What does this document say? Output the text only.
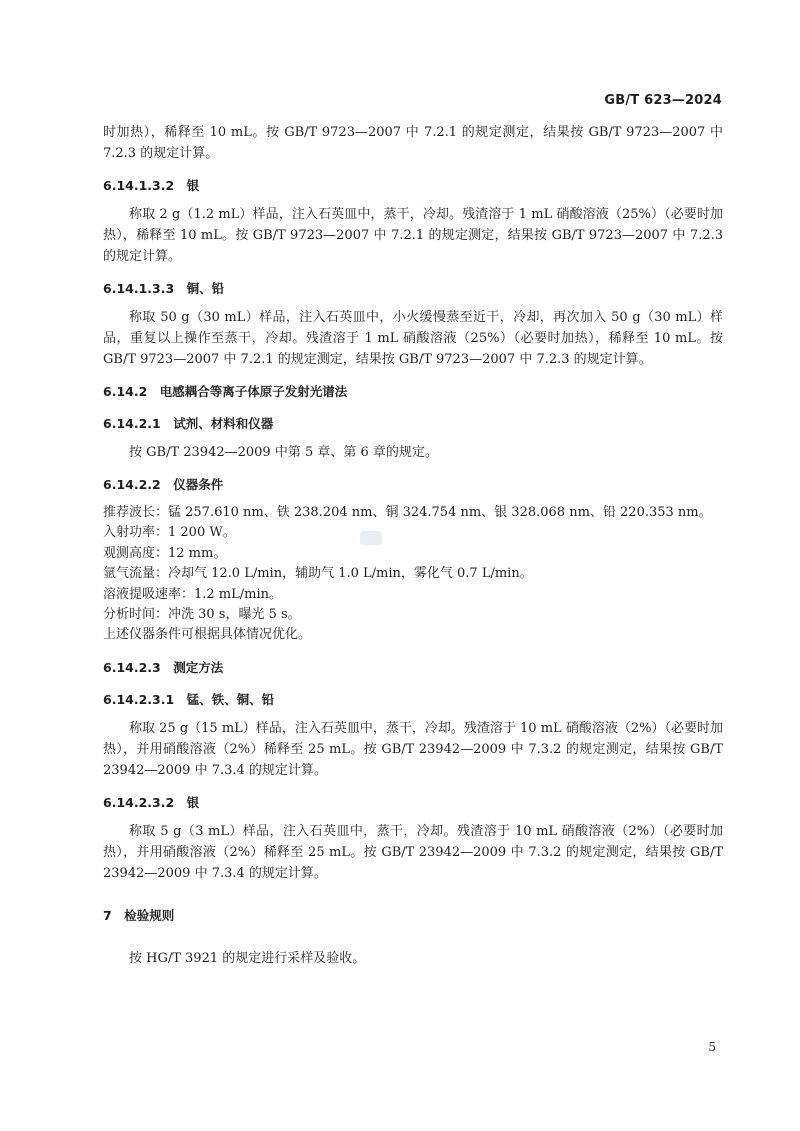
GB/T 623—2024

时加热），稀释至 10 mL。按 GB/T 9723—2007 中 7.2.1 的规定测定，结果按 GB/T 9723—2007 中 7.2.3 的规定计算。

6.14.1.3.2　银

称取 2 g（1.2 mL）样品，注入石英皿中，蒸干，冷却。残渣溶于 1 mL 硝酸溶液（25%）（必要时加热），稀释至 10 mL。按 GB/T 9723—2007 中 7.2.1 的规定测定，结果按 GB/T 9723—2007 中 7.2.3 的规定计算。

6.14.1.3.3　铜、铅

称取 50 g（30 mL）样品，注入石英皿中，小火缓慢蒸至近干，冷却，再次加入 50 g（30 mL）样品，重复以上操作至蒸干，冷却。残渣溶于 1 mL 硝酸溶液（25%）（必要时加热），稀释至 10 mL。按 GB/T 9723—2007 中 7.2.1 的规定测定，结果按 GB/T 9723—2007 中 7.2.3 的规定计算。

6.14.2　电感耦合等离子体原子发射光谱法

6.14.2.1　试剂、材料和仪器

按 GB/T 23942—2009 中第 5 章、第 6 章的规定。

6.14.2.2　仪器条件

推荐波长：锰 257.610 nm、铁 238.204 nm、铜 324.754 nm、银 328.068 nm、铅 220.353 nm。

入射功率：1 200 W。

观测高度：12 mm。

氩气流量：冷却气 12.0 L/min，辅助气 1.0 L/min，雾化气 0.7 L/min。

溶液提吸速率：1.2 mL/min。

分析时间：冲洗 30 s，曝光 5 s。

上述仪器条件可根据具体情况优化。

6.14.2.3　测定方法

6.14.2.3.1　锰、铁、铜、铅

称取 25 g（15 mL）样品，注入石英皿中，蒸干，冷却。残渣溶于 10 mL 硝酸溶液（2%）（必要时加热），并用硝酸溶液（2%）稀释至 25 mL。按 GB/T 23942—2009 中 7.3.2 的规定测定，结果按 GB/T 23942—2009 中 7.3.4 的规定计算。

6.14.2.3.2　银

称取 5 g（3 mL）样品，注入石英皿中，蒸干，冷却。残渣溶于 10 mL 硝酸溶液（2%）（必要时加热），并用硝酸溶液（2%）稀释至 25 mL。按 GB/T 23942—2009 中 7.3.2 的规定测定，结果按 GB/T 23942—2009 中 7.3.4 的规定计算。

7　检验规则

按 HG/T 3921 的规定进行采样及验收。

5
